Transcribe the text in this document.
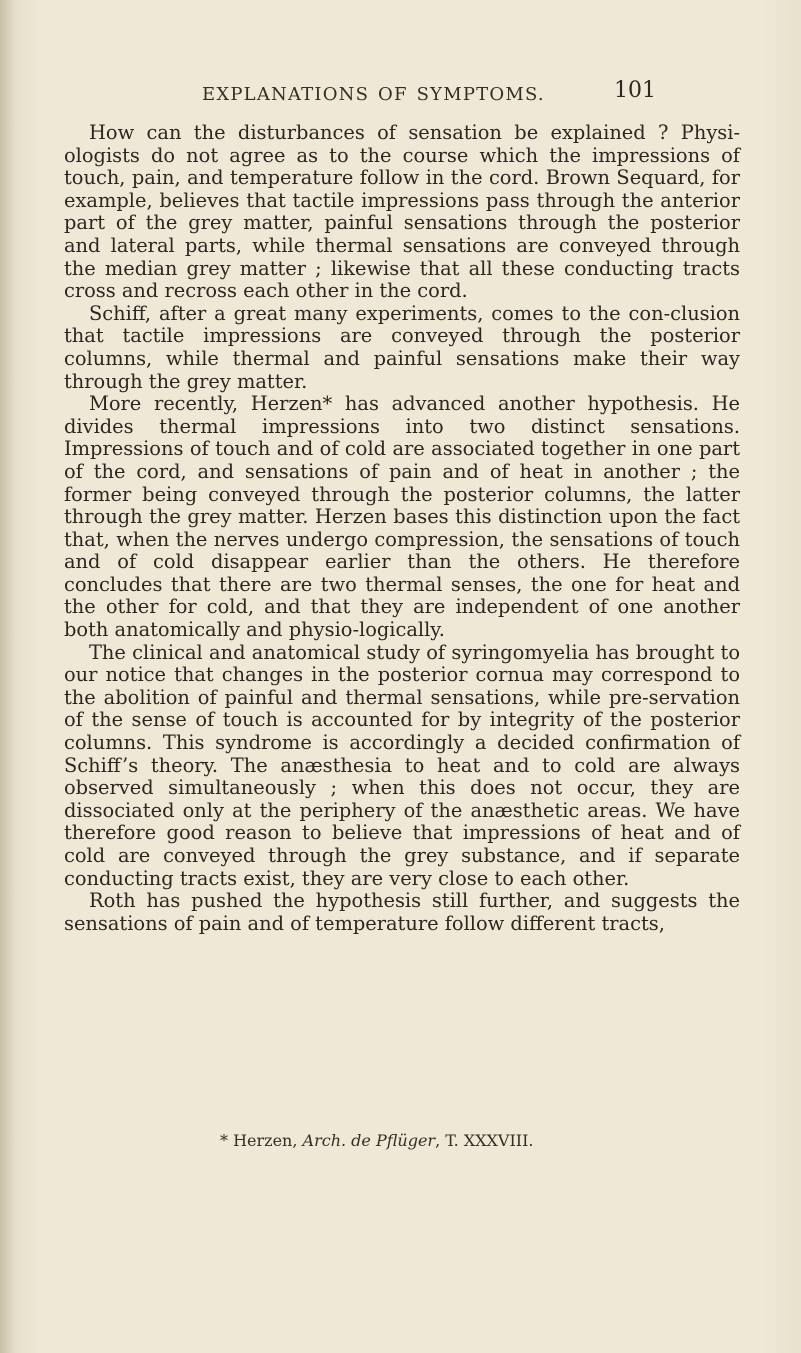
EXPLANATIONS OF SYMPTOMS.	101

How can the disturbances of sensation be explained ? Physi-ologists do not agree as to the course which the impressions of touch, pain, and temperature follow in the cord. Brown Sequard, for example, believes that tactile impressions pass through the anterior part of the grey matter, painful sensations through the posterior and lateral parts, while thermal sensations are conveyed through the median grey matter ; likewise that all these conducting tracts cross and recross each other in the cord.

Schiff, after a great many experiments, comes to the con-clusion that tactile impressions are conveyed through the posterior columns, while thermal and painful sensations make their way through the grey matter.

More recently, Herzen* has advanced another hypothesis. He divides thermal impressions into two distinct sensations. Impressions of touch and of cold are associated together in one part of the cord, and sensations of pain and of heat in another ; the former being conveyed through the posterior columns, the latter through the grey matter. Herzen bases this distinction upon the fact that, when the nerves undergo compression, the sensations of touch and of cold disappear earlier than the others. He therefore concludes that there are two thermal senses, the one for heat and the other for cold, and that they are independent of one another both anatomically and physio-logically.

The clinical and anatomical study of syringomyelia has brought to our notice that changes in the posterior cornua may correspond to the abolition of painful and thermal sensations, while pre-servation of the sense of touch is accounted for by integrity of the posterior columns. This syndrome is accordingly a decided confirmation of Schiff’s theory. The anæsthesia to heat and to cold are always observed simultaneously ; when this does not occur, they are dissociated only at the periphery of the anæsthetic areas. We have therefore good reason to believe that impressions of heat and of cold are conveyed through the grey substance, and if separate conducting tracts exist, they are very close to each other.

Roth has pushed the hypothesis still further, and suggests the sensations of pain and of temperature follow different tracts,

* Herzen, Arch. de Pflüger, T. XXXVIII.
